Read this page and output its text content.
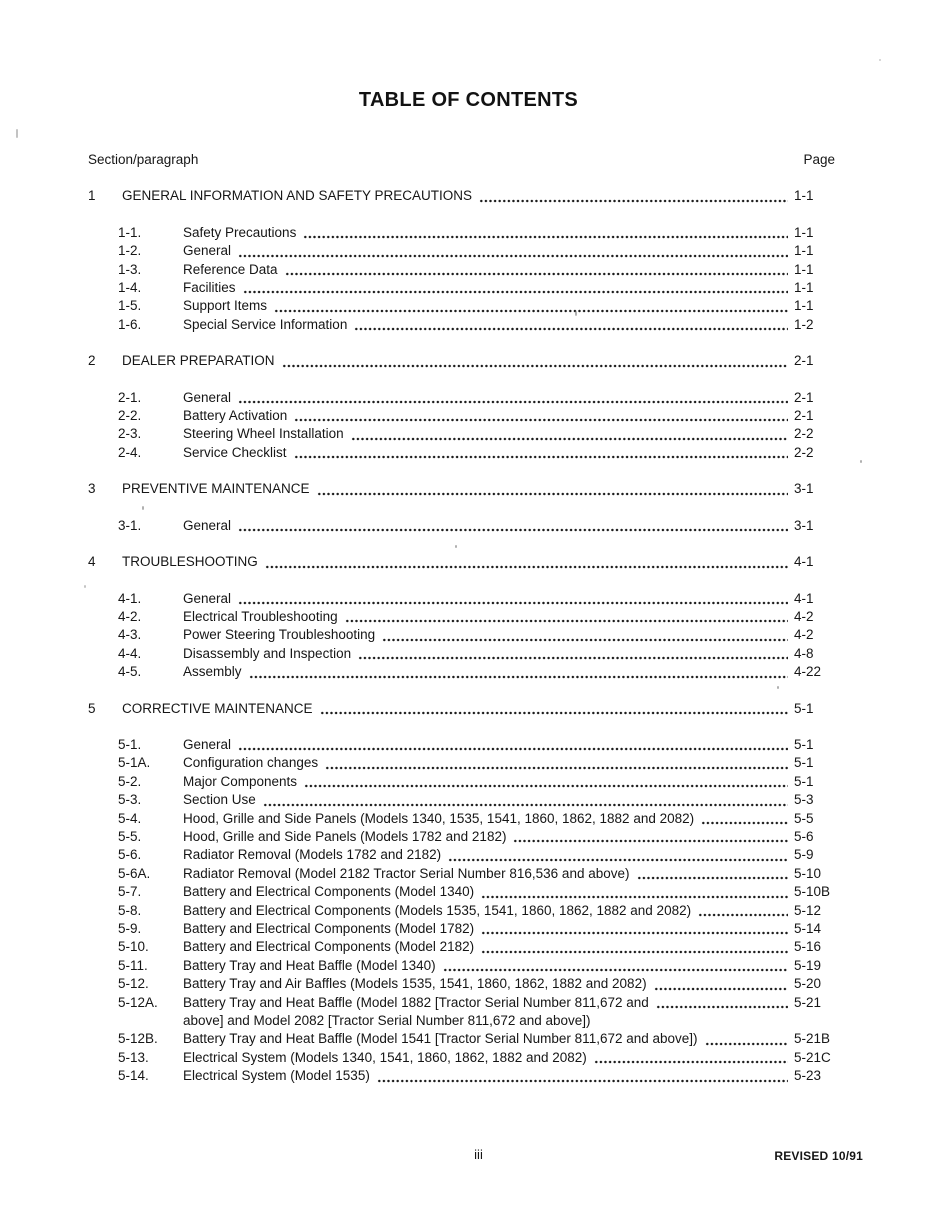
TABLE OF CONTENTS
Section/paragraph	Page
1	GENERAL INFORMATION AND SAFETY PRECAUTIONS	1-1
1-1.	Safety Precautions	1-1
1-2.	General	1-1
1-3.	Reference Data	1-1
1-4.	Facilities	1-1
1-5.	Support Items	1-1
1-6.	Special Service Information	1-2
2	DEALER PREPARATION	2-1
2-1.	General	2-1
2-2.	Battery Activation	2-1
2-3.	Steering Wheel Installation	2-2
2-4.	Service Checklist	2-2
3	PREVENTIVE MAINTENANCE	3-1
3-1.	General	3-1
4	TROUBLESHOOTING	4-1
4-1.	General	4-1
4-2.	Electrical Troubleshooting	4-2
4-3.	Power Steering Troubleshooting	4-2
4-4.	Disassembly and Inspection	4-8
4-5.	Assembly	4-22
5	CORRECTIVE MAINTENANCE	5-1
5-1.	General	5-1
5-1A.	Configuration changes	5-1
5-2.	Major Components	5-1
5-3.	Section Use	5-3
5-4.	Hood, Grille and Side Panels (Models 1340, 1535, 1541, 1860, 1862, 1882 and 2082)	5-5
5-5.	Hood, Grille and Side Panels (Models 1782 and 2182)	5-6
5-6.	Radiator Removal (Models 1782 and 2182)	5-9
5-6A.	Radiator Removal (Model 2182 Tractor Serial Number 816,536 and above)	5-10
5-7.	Battery and Electrical Components (Model 1340)	5-10B
5-8.	Battery and Electrical Components (Models 1535, 1541, 1860, 1862, 1882 and 2082)	5-12
5-9.	Battery and Electrical Components (Model 1782)	5-14
5-10.	Battery and Electrical Components (Model 2182)	5-16
5-11.	Battery Tray and Heat Baffle (Model 1340)	5-19
5-12.	Battery Tray and Air Baffles (Models 1535, 1541, 1860, 1862, 1882 and 2082)	5-20
5-12A.	Battery Tray and Heat Baffle (Model 1882 [Tractor Serial Number 811,672 and	5-21
above] and Model 2082 [Tractor Serial Number 811,672 and above])
5-12B.	Battery Tray and Heat Baffle (Model 1541 [Tractor Serial Number 811,672 and above])	5-21B
5-13.	Electrical System (Models 1340, 1541, 1860, 1862, 1882 and 2082)	5-21C
5-14.	Electrical System (Model 1535)	5-23
iii	REVISED 10/91
